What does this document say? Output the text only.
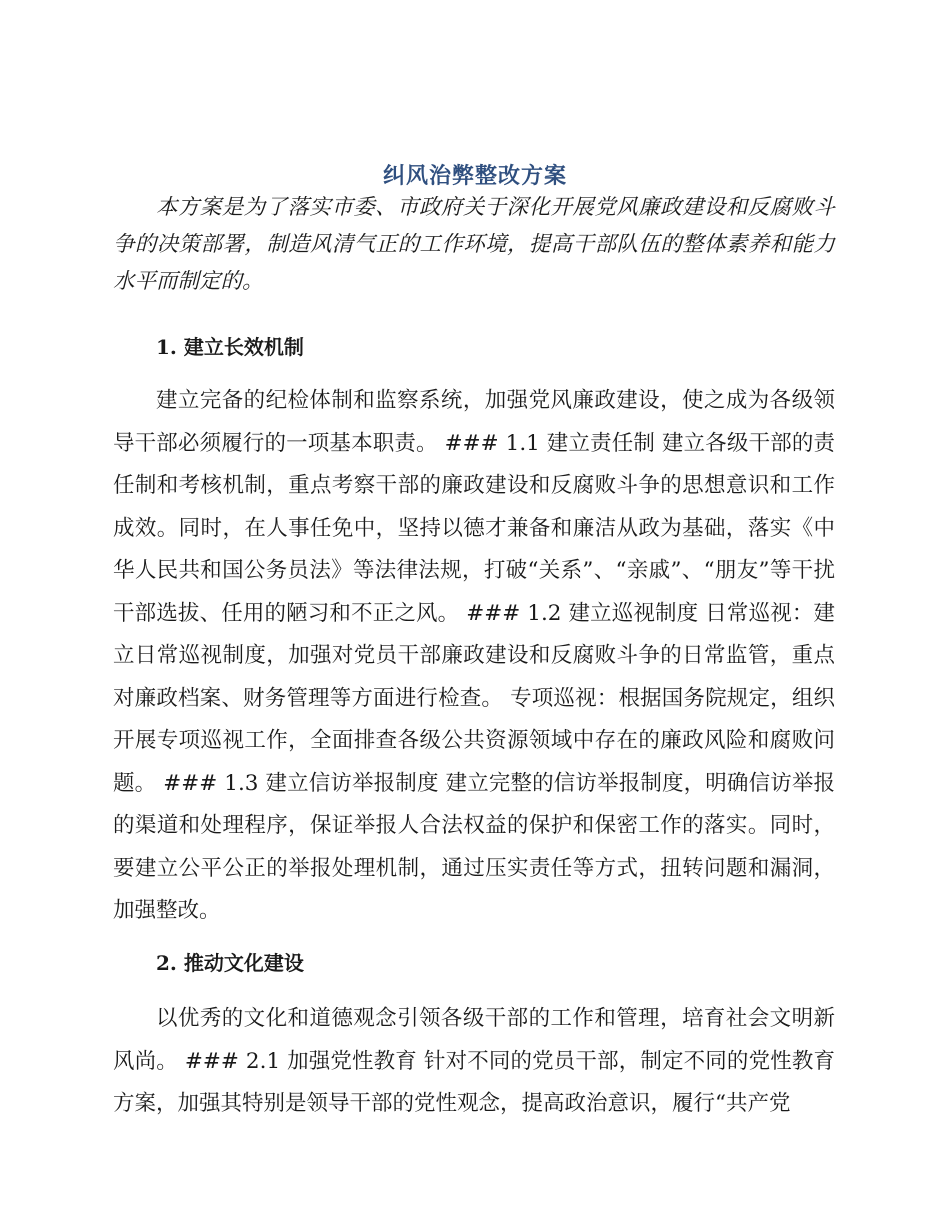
纠风治弊整改方案

本方案是为了落实市委、市政府关于深化开展党风廉政建设和反腐败斗争的决策部署，制造风清气正的工作环境，提高干部队伍的整体素养和能力水平而制定的。

1. 建立长效机制

建立完备的纪检体制和监察系统，加强党风廉政建设，使之成为各级领导干部必须履行的一项基本职责。 ### 1.1 建立责任制 建立各级干部的责任制和考核机制，重点考察干部的廉政建设和反腐败斗争的思想意识和工作成效。同时，在人事任免中，坚持以德才兼备和廉洁从政为基础，落实《中华人民共和国公务员法》等法律法规，打破“关系”、“亲戚”、“朋友”等干扰干部选拔、任用的陋习和不正之风。 ### 1.2 建立巡视制度 日常巡视：建立日常巡视制度，加强对党员干部廉政建设和反腐败斗争的日常监管，重点对廉政档案、财务管理等方面进行检查。 专项巡视：根据国务院规定，组织开展专项巡视工作，全面排查各级公共资源领域中存在的廉政风险和腐败问题。 ### 1.3 建立信访举报制度 建立完整的信访举报制度，明确信访举报的渠道和处理程序，保证举报人合法权益的保护和保密工作的落实。同时，要建立公平公正的举报处理机制，通过压实责任等方式，扭转问题和漏洞，加强整改。

2. 推动文化建设

以优秀的文化和道德观念引领各级干部的工作和管理，培育社会文明新风尚。 ### 2.1 加强党性教育 针对不同的党员干部，制定不同的党性教育方案，加强其特别是领导干部的党性观念，提高政治意识，履行“共产党
